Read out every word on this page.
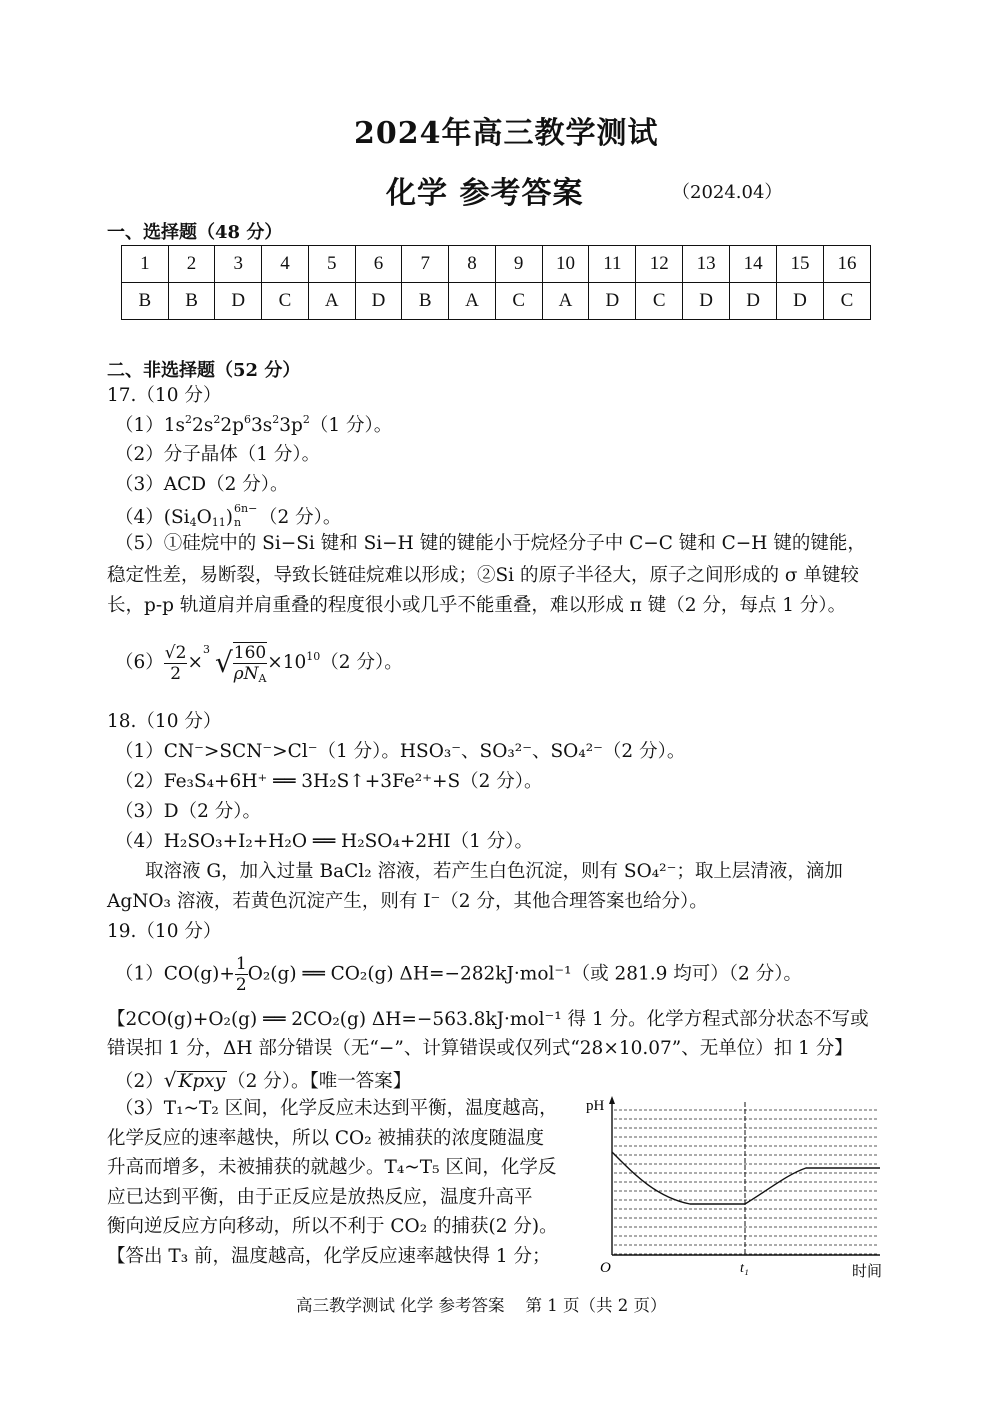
2024年高三教学测试
化学 参考答案	（2024.04）
一、选择题（48 分）
1	2	3	4	5	6	7	8	9	10	11	12	13	14	15	16
B	B	D	C	A	D	B	A	C	A	D	C	D	D	D	C
二、非选择题（52 分）
17.（10 分）
$(1)1s^22s^22p^63s^23p^2(1$ 分）。
（2）分子晶体（1 分）。
（3）ACD（2 分）。
$(4)(Si_4O_{11})$ 6n−
n （2 分）。
（5）①硅烷中的 Si−Si 键和 Si−H 键的键能小于烷烃分子中 C−C 键和 C−H 键的键能，
稳定性差，易断裂，导致长链硅烷难以形成；②Si 的原子半径大，原子之间形成的 σ 单键较
长，p-p 轨道肩并肩重叠的程度很小或几乎不能重叠，难以形成 π 键（2 分，每点 1 分）。
$(6) \frac{√2}{2}$ ×
3 √ $\frac{160}{\rho N_A} \times 10^{10}(2$ 分）。
18.（10 分）
（1）CN⁻>SCN⁻>Cl⁻（1 分）。HSO₃⁻、SO₃²⁻、SO₄²⁻（2 分）。
（2）Fe₃S₄+6H⁺ ══ 3H₂S↑+3Fe²⁺+S（2 分）。
（3）D（2 分）。
（4）H₂SO₃+I₂+H₂O ══ H₂SO₄+2HI（1 分）。
取溶液 G，加入过量 BaCl₂ 溶液，若产生白色沉淀，则有 SO₄²⁻；取上层清液，滴加
AgNO₃ 溶液，若黄色沉淀产生，则有 I⁻（2 分，其他合理答案也给分）。
19.（10 分）
$(1)CO(g)+ \frac{1}{2} O_2(g)$ ══ CO₂(g) ΔH=−282kJ·mol⁻¹（或 281.9 均可）（2 分）。
【2CO(g)+O₂(g) ══ 2CO₂(g) ΔH=−563.8kJ·mol⁻¹ 得 1 分。化学方程式部分状态不写或
错误扣 1 分，ΔH 部分错误（无“−”、计算错误或仅列式“28×10.07”、无单位）扣 1 分】
（2）√ Kpxy （2 分）。【唯一答案】
（3）T₁~T₂ 区间，化学反应未达到平衡，温度越高，
化学反应的速率越快，所以 CO₂ 被捕获的浓度随温度
升高而增多，未被捕获的就越少。T₄~T₅ 区间，化学反
应已达到平衡，由于正反应是放热反应，温度升高平
衡向逆反应方向移动，所以不利于 CO₂ 的捕获(2 分)。
【答出 T₃ 前，温度越高，化学反应速率越快得 1 分；
pH
O	t₁	时间
高三教学测试 化学 参考答案    第 1 页（共 2 页）
